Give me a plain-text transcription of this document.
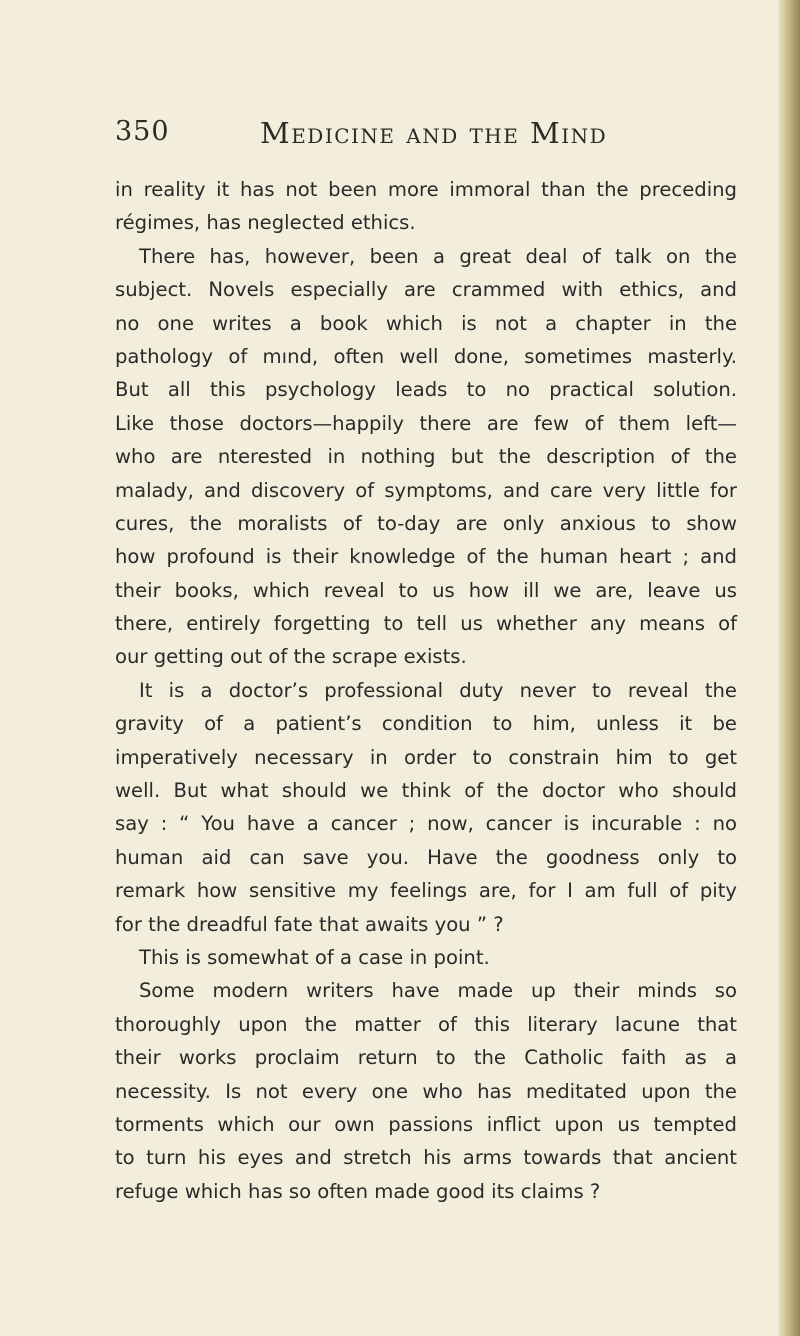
350	Medicine and the Mind
in reality it has not been more immoral than the preceding
régimes, has neglected ethics.
There has, however, been a great deal of talk on the
subject. Novels especially are crammed with ethics, and
no one writes a book which is not a chapter in the
pathology of mınd, often well done, sometimes masterly.
But all this psychology leads to no practical solution.
Like those doctors—happily there are few of them left—
who are nterested in nothing but the description of the
malady, and discovery of symptoms, and care very little for
cures, the moralists of to-day are only anxious to show
how profound is their knowledge of the human heart ; and
their books, which reveal to us how ill we are, leave us
there, entirely forgetting to tell us whether any means of
our getting out of the scrape exists.
It is a doctor’s professional duty never to reveal the
gravity of a patient’s condition to him, unless it be
imperatively necessary in order to constrain him to get
well. But what should we think of the doctor who should
say : “ You have a cancer ; now, cancer is incurable : no
human aid can save you. Have the goodness only to
remark how sensitive my feelings are, for I am full of pity
for the dreadful fate that awaits you ” ?
This is somewhat of a case in point.
Some modern writers have made up their minds so
thoroughly upon the matter of this literary lacune that
their works proclaim return to the Catholic faith as a
necessity. Is not every one who has meditated upon the
torments which our own passions inflict upon us tempted
to turn his eyes and stretch his arms towards that ancient
refuge which has so often made good its claims ?
